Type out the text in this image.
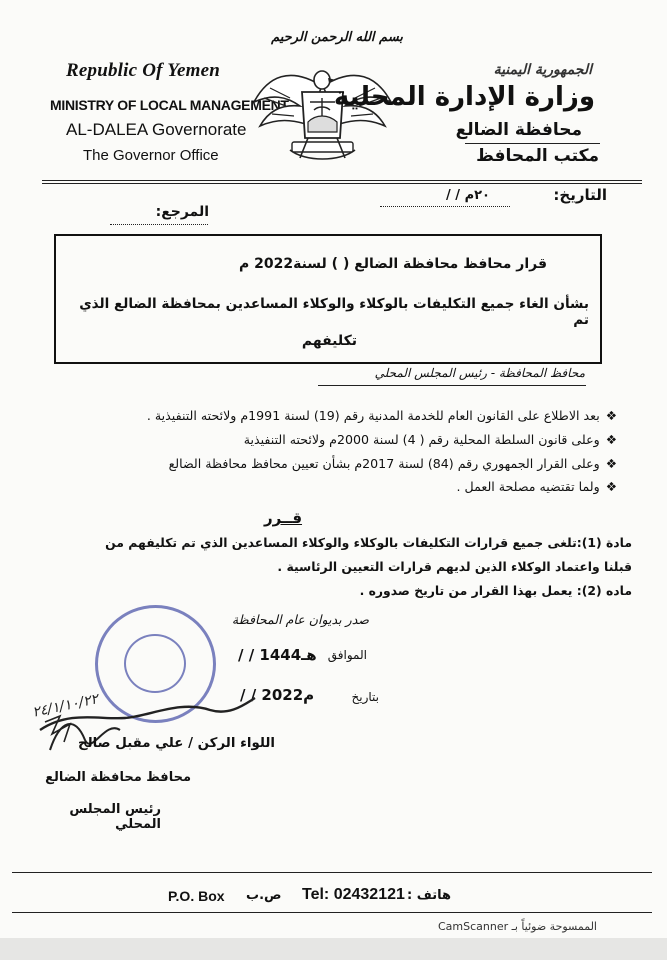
بسم الله الرحمن الرحيم
Republic Of Yemen
MINISTRY OF LOCAL MANAGEMENT
AL-DALEA Governorate
The Governor Office
الجمهورية اليمنية
وزارة الإدارة المحلية
محافظة الضالع
مكتب المحافظ
التاريخ:
/ / ٢٠م
المرجع:
قرار محافظ محافظة الضالع ( ) لسنة2022 م
بشأن الغاء جميع التكليفات بالوكلاء والوكلاء المساعدين بمحافظة الضالع الذي تم
تكليفهم
محافظ المحافظة - رئيس المجلس المحلي
❖ بعد الاطلاع على القانون العام للخدمة المدنية رقم (19) لسنة 1991م ولائحته التنفيذية .
❖ وعلى قانون السلطة المحلية رقم ( 4) لسنة 2000م ولائحته التنفيذية
❖ وعلى القرار الجمهوري رقم (84) لسنة 2017م بشأن تعيين محافظ محافظة الضالع
❖ ولما تقتضيه مصلحة العمل .
قــرر
مادة (1):تلغى جميع قرارات التكليفات بالوكلاء والوكلاء المساعدين الذي تم تكليفهم من
قبلنا واعتماد الوكلاء الذين لديهم قرارات التعيين الرئاسية .
ماده (2): يعمل بهذا القرار من تاريخ صدوره .
صدر بديوان عام المحافظة
الموافق
/ / 1444هـ
بتاريخ
/ / 2022م
٢٤/١/١٠/٢٢
اللواء الركن / علي مقبل صالح
محافظ محافظة الضالع
رئيس المجلس المحلي
P.O. Box ص.ب Tel: 02432121 هاتف :
الممسوحة ضوئياً بـ CamScanner
